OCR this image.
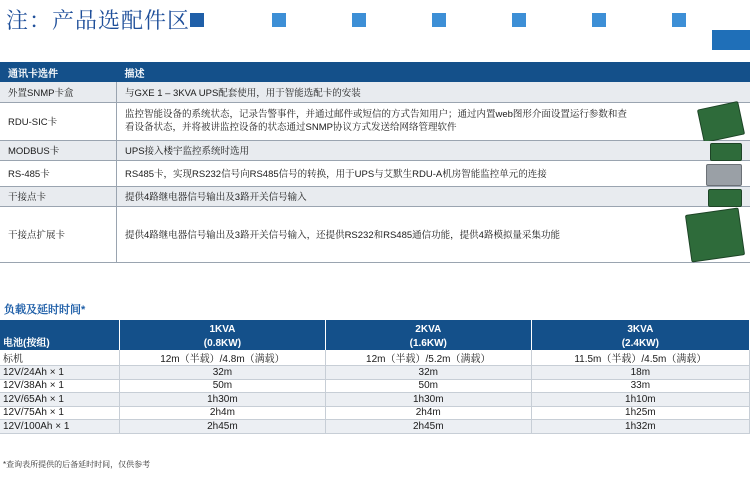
注：产品选配件区
通讯卡选件	描述
外置SNMP卡盒	与GXE 1 – 3KVA UPS配套使用，用于智能选配卡的安装
RDU-SIC卡	监控智能设备的系统状态，记录告警事件，并通过邮件或短信的方式告知用户；通过内置web图形介面设置运行参数和查看设备状态，并将被讲监控设备的状态通过SNMP协议方式发送给网络管理软件

MODBUS卡	UPS接入楼宇监控系统时选用

RS-485卡	RS485卡，实现RS232信号向RS485信号的转换，用于UPS与艾默生RDU-A机房智能监控单元的连接

干接点卡	提供4路继电器信号输出及3路开关信号输入

干接点扩展卡	提供4路继电器信号输出及3路开关信号输入，还提供RS232和RS485通信功能，提供4路模拟量采集功能
负载及延时时间*
电池(按组)	1KVA	2KVA	3KVA
	(0.8KW)	(1.6KW)	(2.4KW)
标机	12m（半载）/4.8m（满载）	12m（半载）/5.2m（满载）	11.5m（半载）/4.5m（满载）
12V/24Ah × 1	32m	32m	18m
12V/38Ah × 1	50m	50m	33m
12V/65Ah × 1	1h30m	1h30m	1h10m
12V/75Ah × 1	2h4m	2h4m	1h25m
12V/100Ah × 1	2h45m	2h45m	1h32m
*查询表所提供的后备延时时间，仅供参考
